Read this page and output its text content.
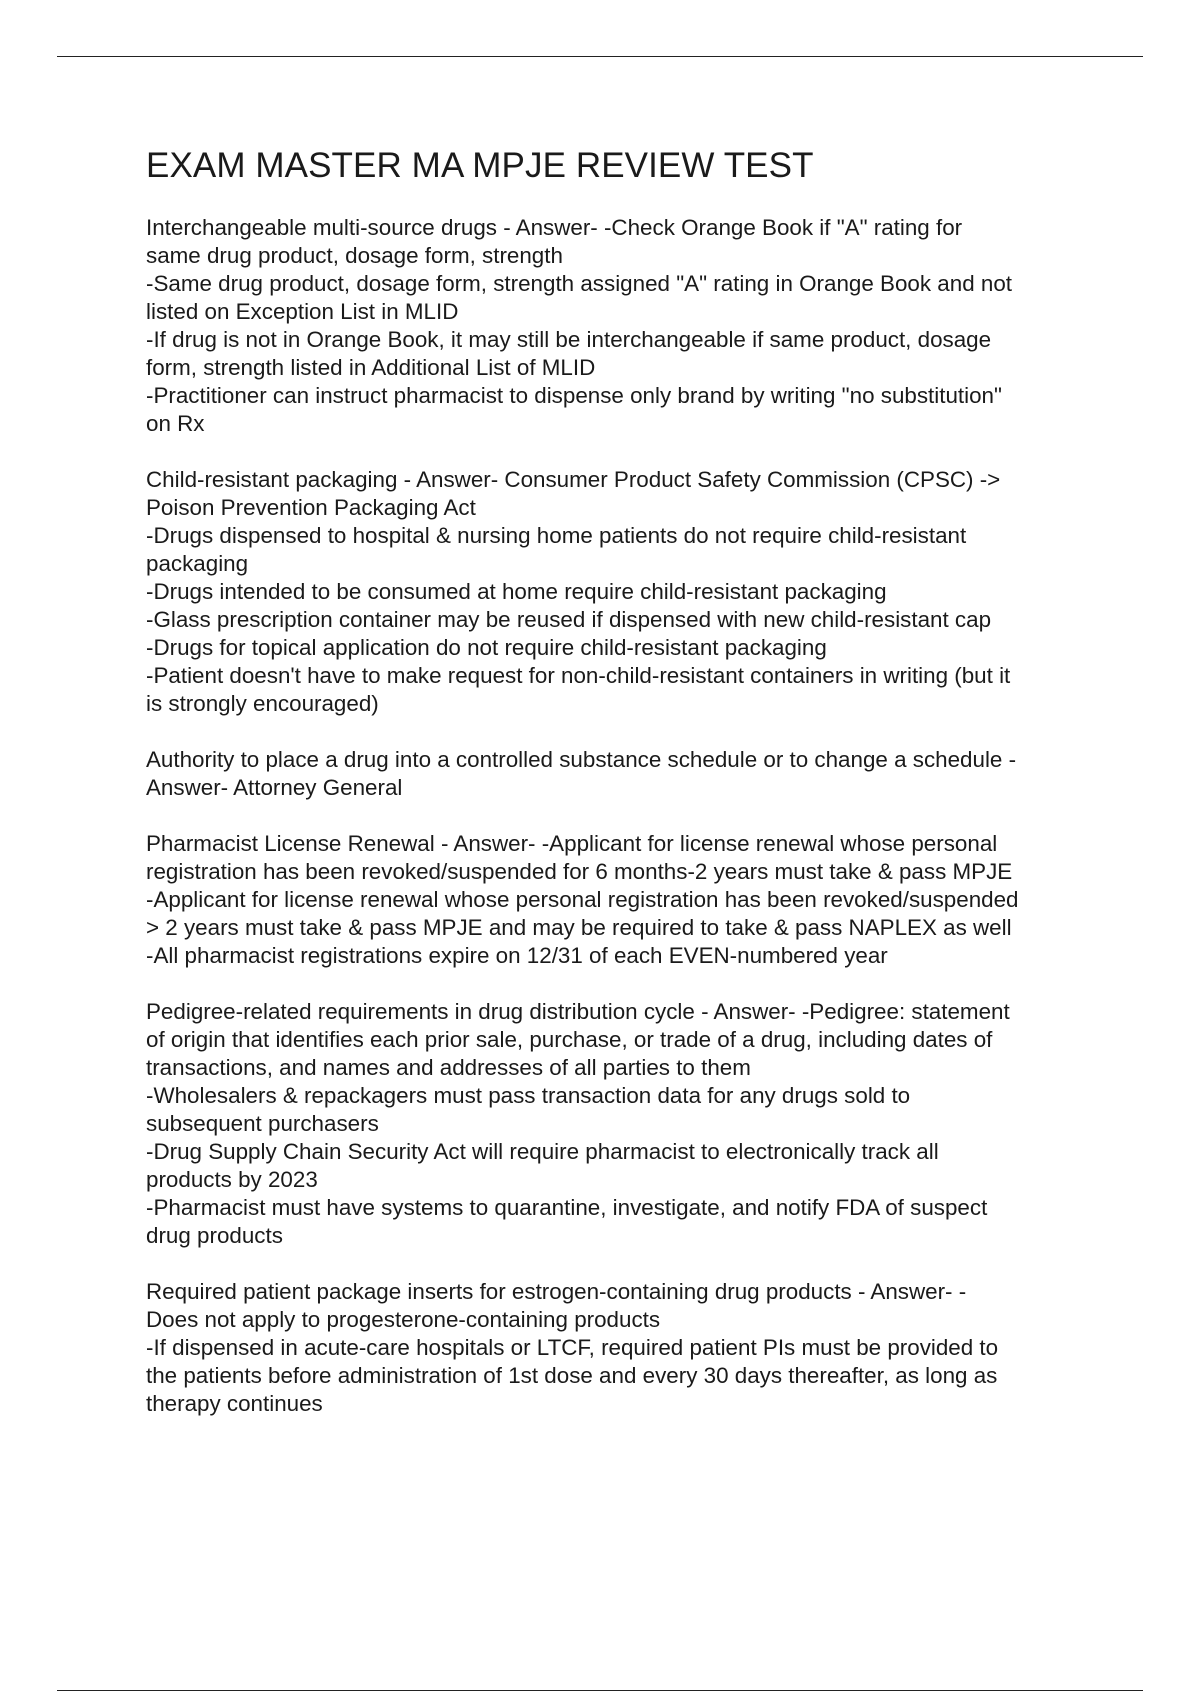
EXAM MASTER MA MPJE REVIEW TEST
Interchangeable multi-source drugs - Answer- -Check Orange Book if "A" rating for
same drug product, dosage form, strength
-Same drug product, dosage form, strength assigned "A" rating in Orange Book and not
listed on Exception List in MLID
-If drug is not in Orange Book, it may still be interchangeable if same product, dosage
form, strength listed in Additional List of MLID
-Practitioner can instruct pharmacist to dispense only brand by writing "no substitution"
on Rx
Child-resistant packaging - Answer- Consumer Product Safety Commission (CPSC) ->
Poison Prevention Packaging Act
-Drugs dispensed to hospital & nursing home patients do not require child-resistant
packaging
-Drugs intended to be consumed at home require child-resistant packaging
-Glass prescription container may be reused if dispensed with new child-resistant cap
-Drugs for topical application do not require child-resistant packaging
-Patient doesn't have to make request for non-child-resistant containers in writing (but it
is strongly encouraged)
Authority to place a drug into a controlled substance schedule or to change a schedule -
Answer- Attorney General
Pharmacist License Renewal - Answer- -Applicant for license renewal whose personal
registration has been revoked/suspended for 6 months-2 years must take & pass MPJE
-Applicant for license renewal whose personal registration has been revoked/suspended
> 2 years must take & pass MPJE and may be required to take & pass NAPLEX as well
-All pharmacist registrations expire on 12/31 of each EVEN-numbered year
Pedigree-related requirements in drug distribution cycle - Answer- -Pedigree: statement
of origin that identifies each prior sale, purchase, or trade of a drug, including dates of
transactions, and names and addresses of all parties to them
-Wholesalers & repackagers must pass transaction data for any drugs sold to
subsequent purchasers
-Drug Supply Chain Security Act will require pharmacist to electronically track all
products by 2023
-Pharmacist must have systems to quarantine, investigate, and notify FDA of suspect
drug products
Required patient package inserts for estrogen-containing drug products - Answer- -
Does not apply to progesterone-containing products
-If dispensed in acute-care hospitals or LTCF, required patient PIs must be provided to
the patients before administration of 1st dose and every 30 days thereafter, as long as
therapy continues
